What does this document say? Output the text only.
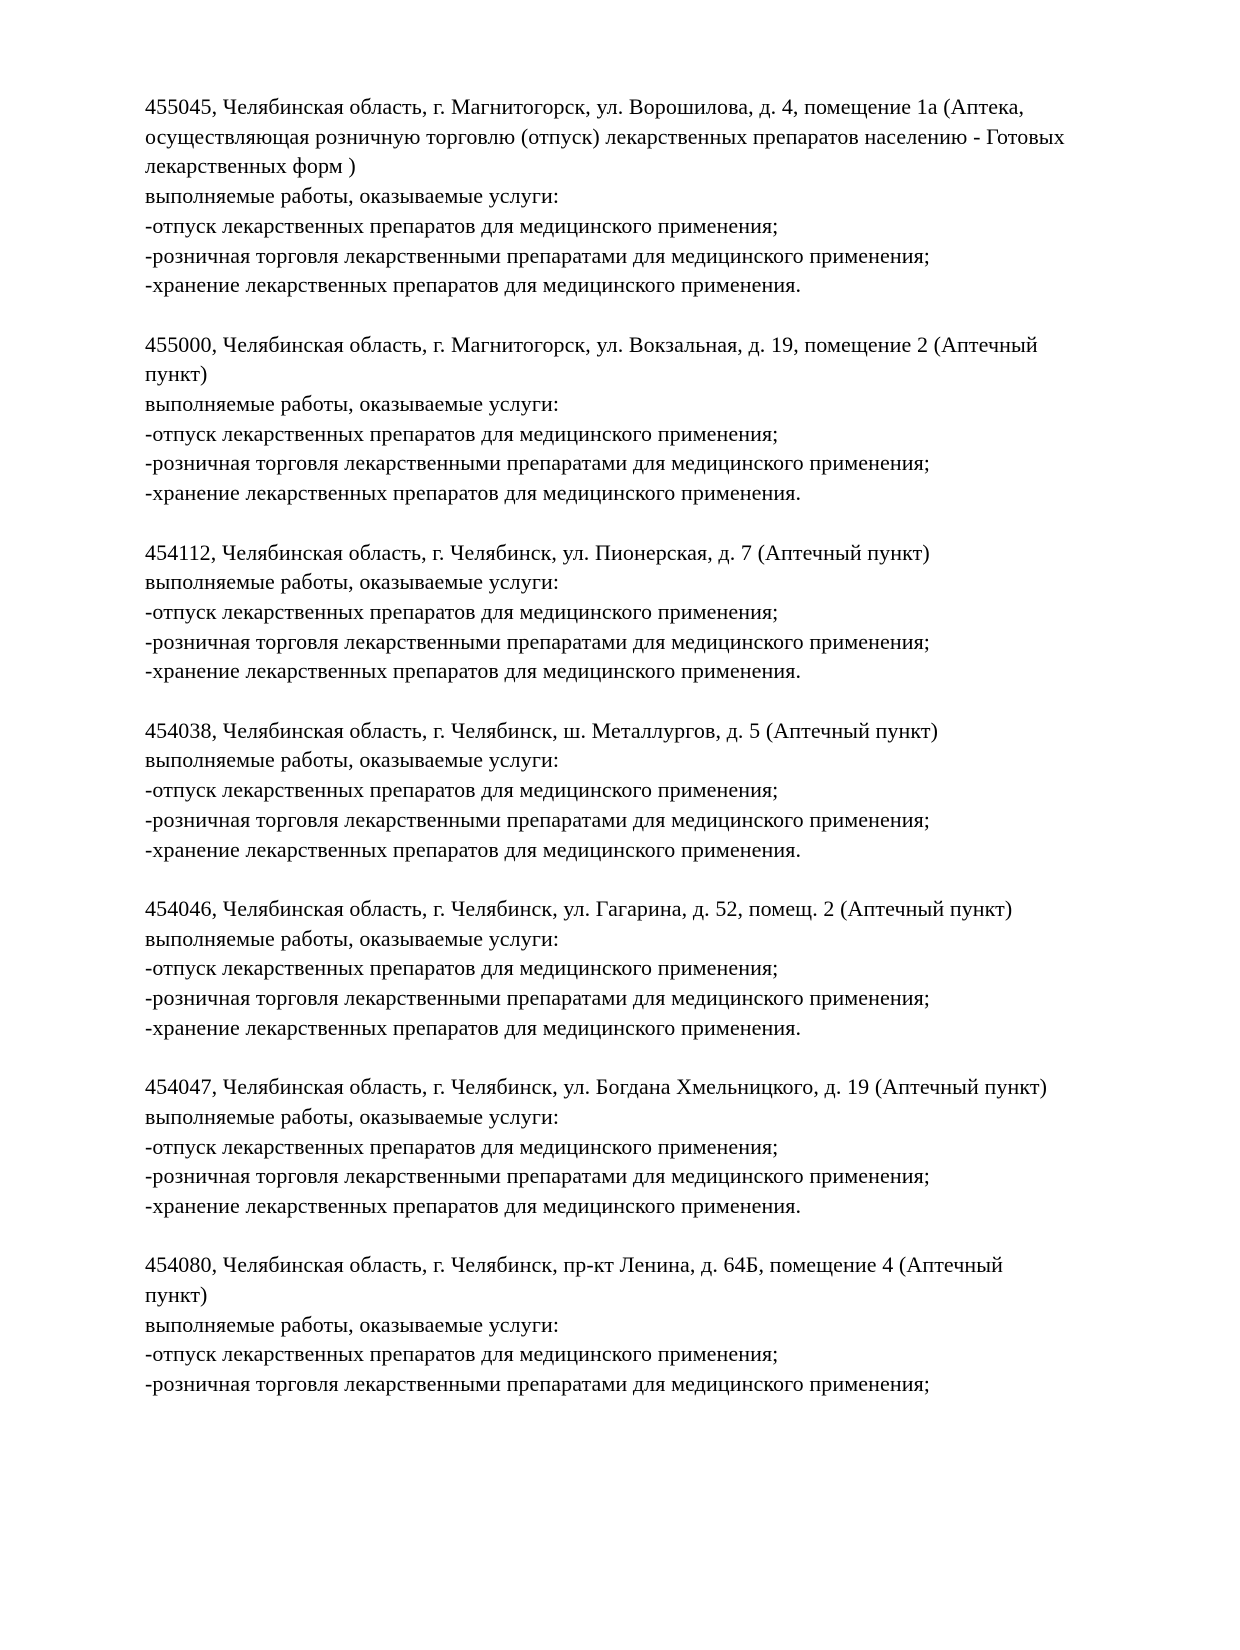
455045, Челябинская область, г. Магнитогорск, ул. Ворошилова, д. 4, помещение 1а (Аптека,
осуществляющая розничную торговлю (отпуск) лекарственных препаратов населению - Готовых
лекарственных форм )
выполняемые работы, оказываемые услуги:
-отпуск лекарственных препаратов для медицинского применения;
-розничная торговля лекарственными препаратами для медицинского применения;
-хранение лекарственных препаратов для медицинского применения.
455000, Челябинская область, г. Магнитогорск, ул. Вокзальная, д. 19, помещение 2 (Аптечный
пункт)
выполняемые работы, оказываемые услуги:
-отпуск лекарственных препаратов для медицинского применения;
-розничная торговля лекарственными препаратами для медицинского применения;
-хранение лекарственных препаратов для медицинского применения.
454112, Челябинская область, г. Челябинск, ул. Пионерская, д. 7 (Аптечный пункт)
выполняемые работы, оказываемые услуги:
-отпуск лекарственных препаратов для медицинского применения;
-розничная торговля лекарственными препаратами для медицинского применения;
-хранение лекарственных препаратов для медицинского применения.
454038, Челябинская область, г. Челябинск, ш. Металлургов, д. 5 (Аптечный пункт)
выполняемые работы, оказываемые услуги:
-отпуск лекарственных препаратов для медицинского применения;
-розничная торговля лекарственными препаратами для медицинского применения;
-хранение лекарственных препаратов для медицинского применения.
454046, Челябинская область, г. Челябинск, ул. Гагарина, д. 52, помещ. 2 (Аптечный пункт)
выполняемые работы, оказываемые услуги:
-отпуск лекарственных препаратов для медицинского применения;
-розничная торговля лекарственными препаратами для медицинского применения;
-хранение лекарственных препаратов для медицинского применения.
454047, Челябинская область, г. Челябинск, ул. Богдана Хмельницкого, д. 19 (Аптечный пункт)
выполняемые работы, оказываемые услуги:
-отпуск лекарственных препаратов для медицинского применения;
-розничная торговля лекарственными препаратами для медицинского применения;
-хранение лекарственных препаратов для медицинского применения.
454080, Челябинская область, г. Челябинск, пр-кт Ленина, д. 64Б, помещение 4 (Аптечный
пункт)
выполняемые работы, оказываемые услуги:
-отпуск лекарственных препаратов для медицинского применения;
-розничная торговля лекарственными препаратами для медицинского применения;
